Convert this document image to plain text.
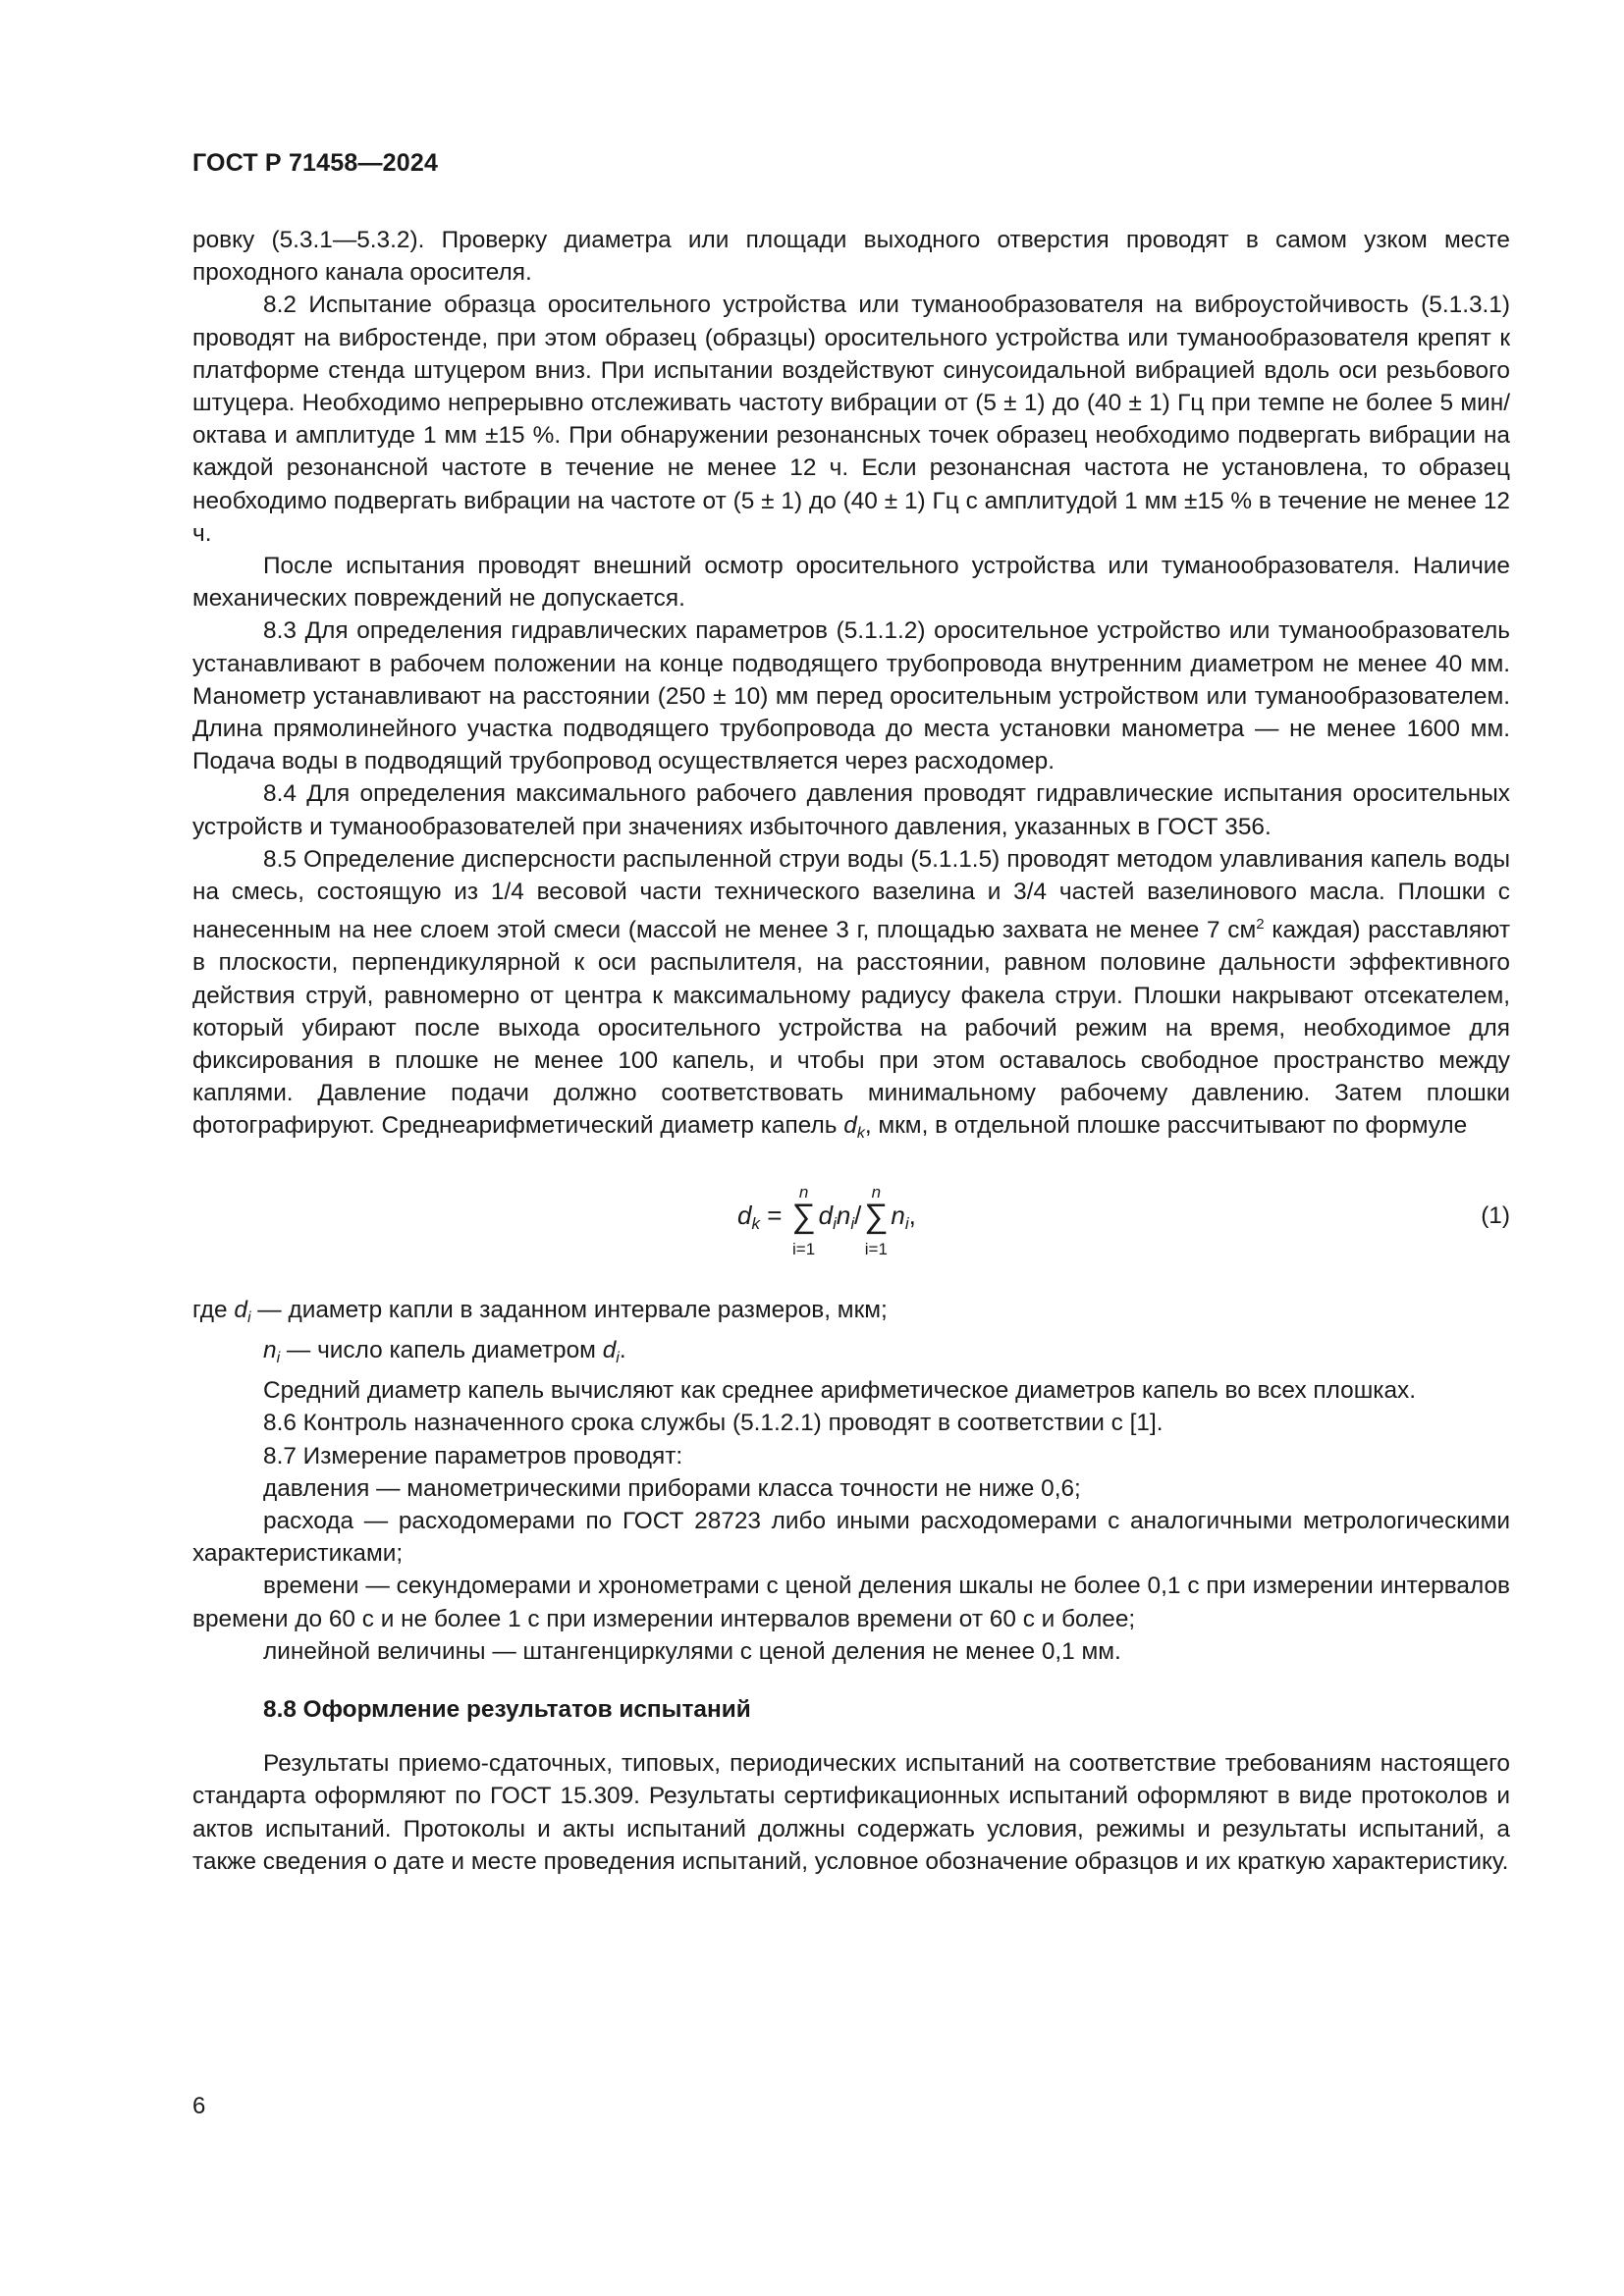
ГОСТ Р 71458—2024

ровку (5.3.1—5.3.2). Проверку диаметра или площади выходного отверстия проводят в самом узком месте проходного канала оросителя.

8.2 Испытание образца оросительного устройства или туманообразователя на виброустойчивость (5.1.3.1) проводят на вибростенде, при этом образец (образцы) оросительного устройства или туманообразователя крепят к платформе стенда штуцером вниз. При испытании воздействуют синусоидальной вибрацией вдоль оси резьбового штуцера. Необходимо непрерывно отслеживать частоту вибрации от (5 ± 1) до (40 ± 1) Гц при темпе не более 5 мин/октава и амплитуде 1 мм ±15 %. При обнаружении резонансных точек образец необходимо подвергать вибрации на каждой резонансной частоте в течение не менее 12 ч. Если резонансная частота не установлена, то образец необходимо подвергать вибрации на частоте от (5 ± 1) до (40 ± 1) Гц с амплитудой 1 мм ±15 % в течение не менее 12 ч.

После испытания проводят внешний осмотр оросительного устройства или туманообразователя. Наличие механических повреждений не допускается.

8.3 Для определения гидравлических параметров (5.1.1.2) оросительное устройство или туманообразователь устанавливают в рабочем положении на конце подводящего трубопровода внутренним диаметром не менее 40 мм. Манометр устанавливают на расстоянии (250 ± 10) мм перед оросительным устройством или туманообразователем. Длина прямолинейного участка подводящего трубопровода до места установки манометра — не менее 1600 мм. Подача воды в подводящий трубопровод осуществляется через расходомер.

8.4 Для определения максимального рабочего давления проводят гидравлические испытания оросительных устройств и туманообразователей при значениях избыточного давления, указанных в ГОСТ 356.

8.5 Определение дисперсности распыленной струи воды (5.1.1.5) проводят методом улавливания капель воды на смесь, состоящую из 1/4 весовой части технического вазелина и 3/4 частей вазелинового масла. Плошки с нанесенным на нее слоем этой смеси (массой не менее 3 г, площадью захвата не менее 7 $см^2$ каждая) расставляют в плоскости, перпендикулярной к оси распылителя, на расстоянии, равном половине дальности эффективного действия струй, равномерно от центра к максимальному радиусу факела струи. Плошки накрывают отсекателем, который убирают после выхода оросительного устройства на рабочий режим на время, необходимое для фиксирования в плошке не менее 100 капель, и чтобы при этом оставалось свободное пространство между каплями. Давление подачи должно соответствовать минимальному рабочему давлению. Затем плошки фотографируют. Среднеарифметический диаметр капель $d_k$, мкм, в отдельной плошке рассчитывают по формуле

$d_k$ =
n
∑
i=1
$d_in_i/$
n
∑
i=1
$n_i$,	(1)

где $d_i$ — диаметр капли в заданном интервале размеров, мкм;

$n_i$ — число капель диаметром $d_i$.

Средний диаметр капель вычисляют как среднее арифметическое диаметров капель во всех плошках.

8.6 Контроль назначенного срока службы (5.1.2.1) проводят в соответствии с [1].

8.7 Измерение параметров проводят:

давления — манометрическими приборами класса точности не ниже 0,6;

расхода — расходомерами по ГОСТ 28723 либо иными расходомерами с аналогичными метрологическими характеристиками;

времени — секундомерами и хронометрами с ценой деления шкалы не более 0,1 с при измерении интервалов времени до 60 с и не более 1 с при измерении интервалов времени от 60 с и более;

линейной величины — штангенциркулями с ценой деления не менее 0,1 мм.

8.8 Оформление результатов испытаний

Результаты приемо-сдаточных, типовых, периодических испытаний на соответствие требованиям настоящего стандарта оформляют по ГОСТ 15.309. Результаты сертификационных испытаний оформляют в виде протоколов и актов испытаний. Протоколы и акты испытаний должны содержать условия, режимы и результаты испытаний, а также сведения о дате и месте проведения испытаний, условное обозначение образцов и их краткую характеристику.

6
